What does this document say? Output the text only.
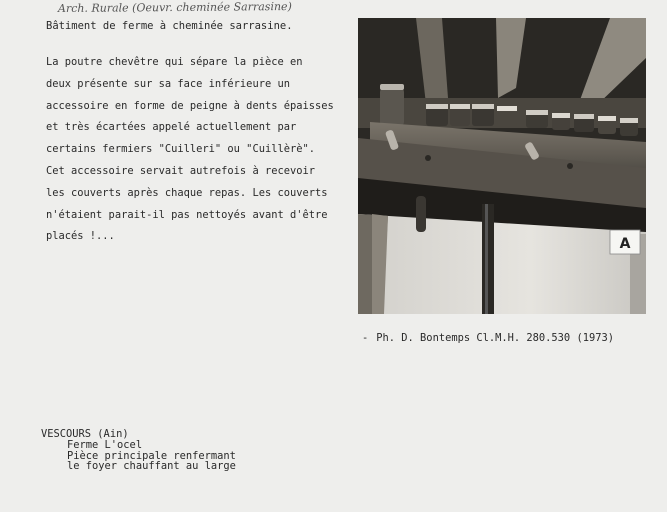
Arch. Rurale (Oeuvr. cheminée Sarrasine)
Bâtiment de ferme à cheminée sarrasine.

La poutre chevêtre qui sépare la pièce en

deux présente sur sa face inférieure un

accessoire en forme de peigne à dents épaisses

et très écartées appelé actuellement par

certains fermiers "Cuilleri" ou "Cuillèrè".

Cet accessoire servait autrefois à recevoir

les couverts après chaque repas. Les couverts

n'étaient parait-il pas nettoyés avant d'être

placés !...	A
- Ph. D. Bontemps Cl.M.H. 280.530 (1973)
VESCOURS (Ain)
Ferme L'ocel
Pièce principale renfermant
le foyer chauffant au large
